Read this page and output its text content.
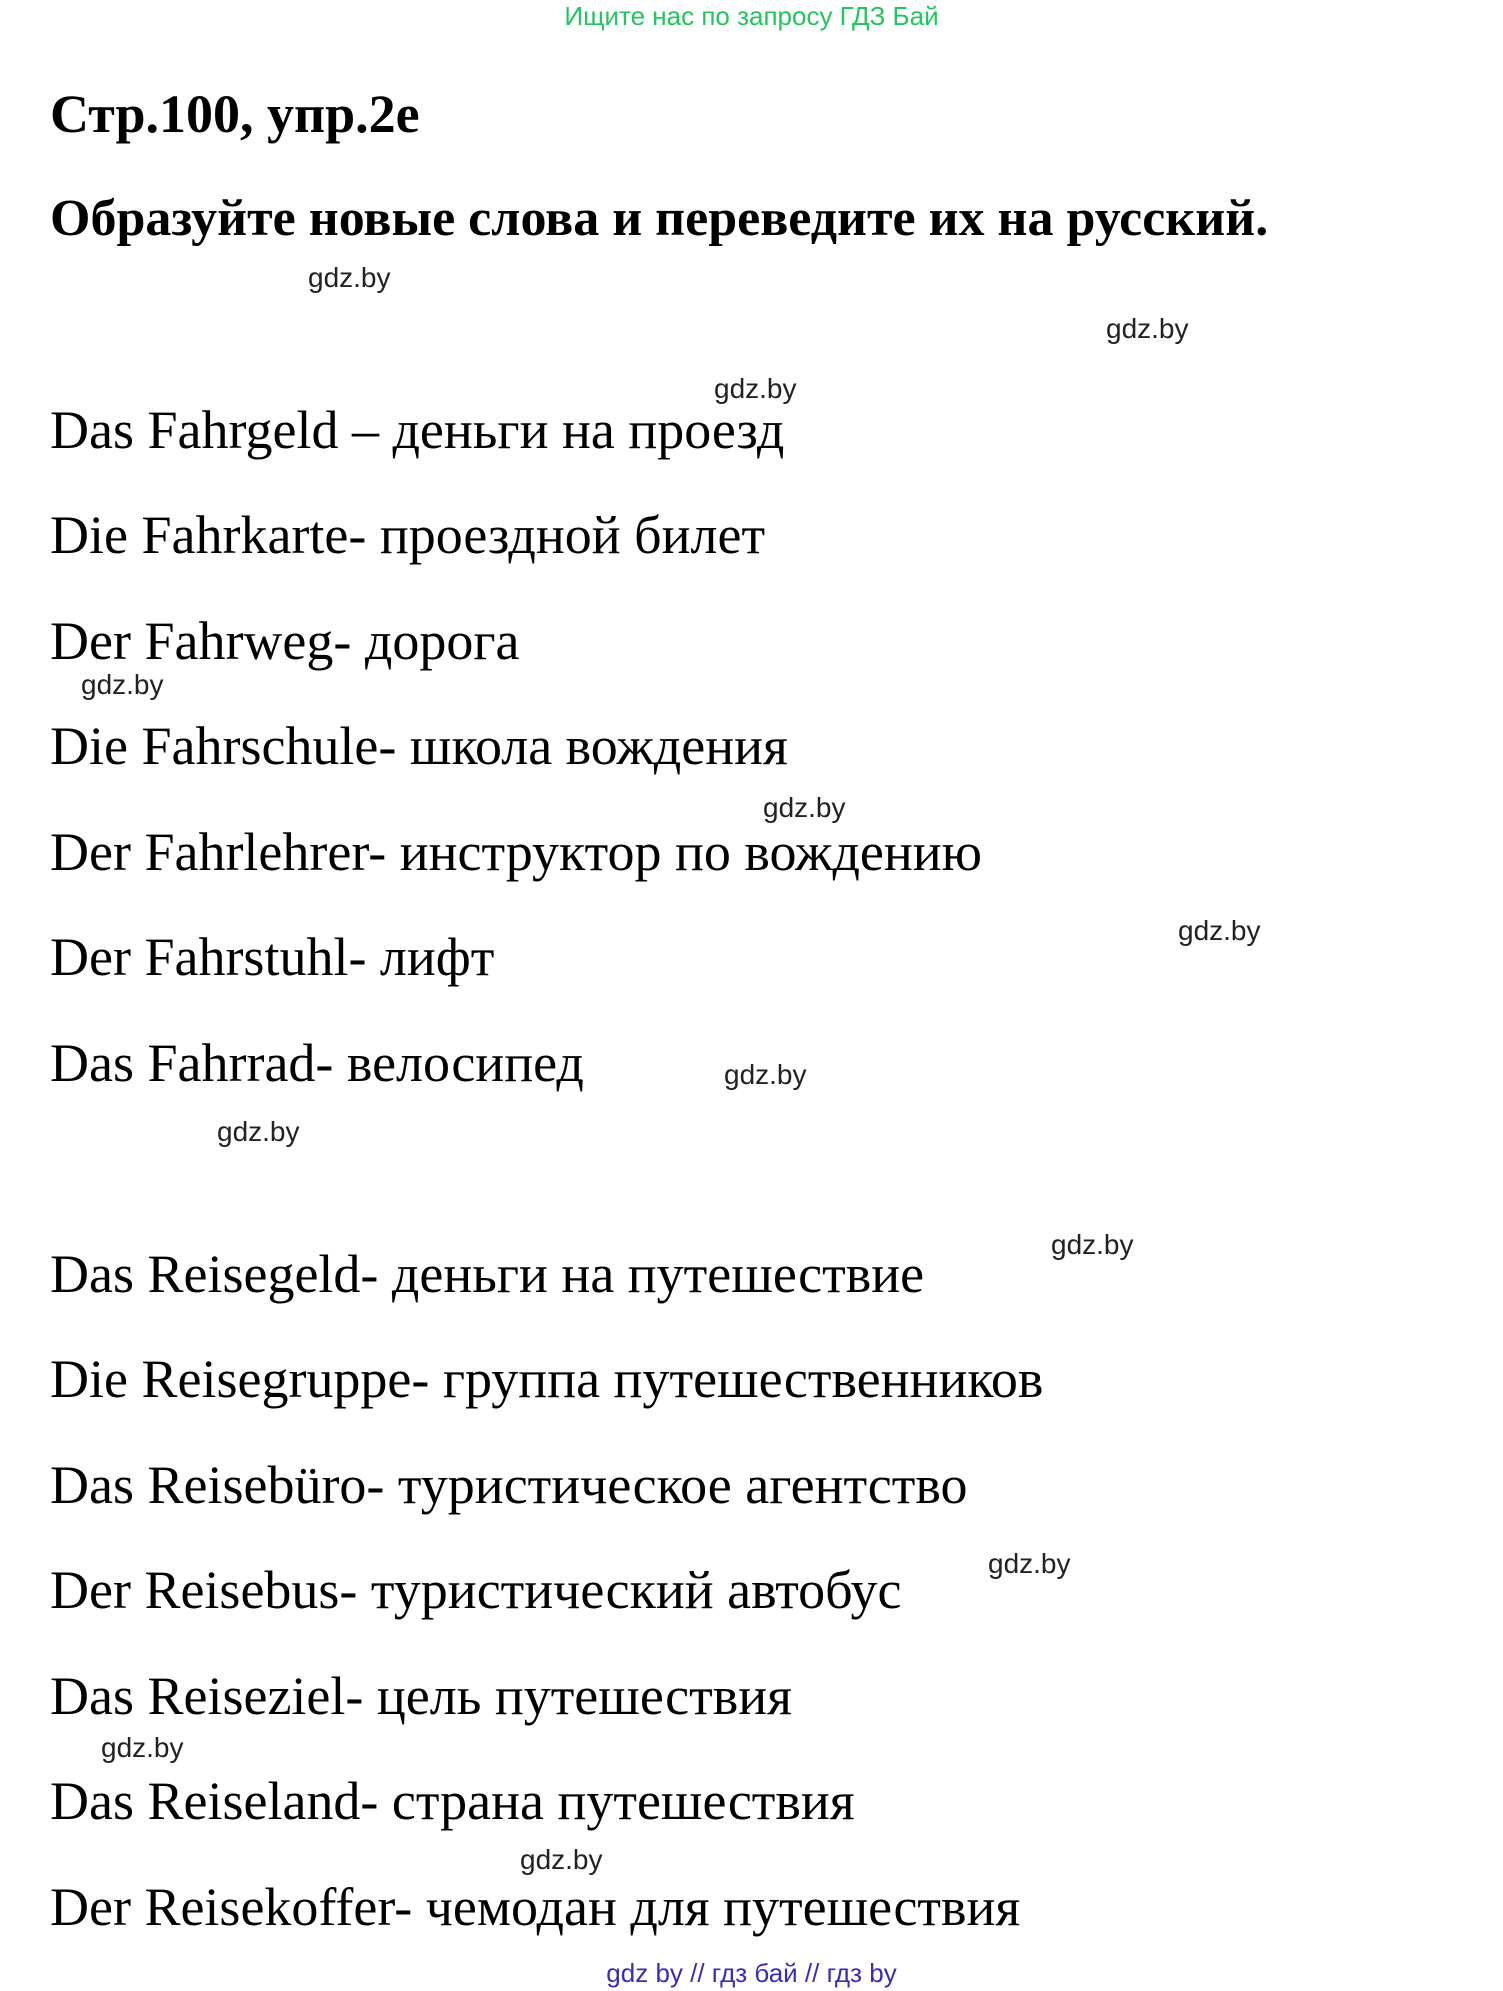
Ищите нас по запросу ГДЗ Бай
Стр.100, упр.2е
Образуйте новые слова и переведите их на русский.
Das Fahrgeld – деньги на проезд
Die Fahrkarte- проездной билет
Der Fahrweg- дорога
Die Fahrschule- школа вождения
Der Fahrlehrer- инструктор по вождению
Der Fahrstuhl- лифт
Das Fahrrad- велосипед
Das Reisegeld- деньги на путешествие
Die Reisegruppe- группа путешественников
Das Reisebüro- туристическое агентство
Der Reisebus- туристический автобус
Das Reiseziel- цель путешествия
Das Reiseland- страна путешествия
Der Reisekoffer- чемодан для путешествия
gdz.by
gdz.by
gdz.by
gdz.by
gdz.by
gdz.by
gdz.by
gdz.by
gdz.by
gdz.by
gdz.by
gdz.by
gdz by // гдз бай // гдз by
